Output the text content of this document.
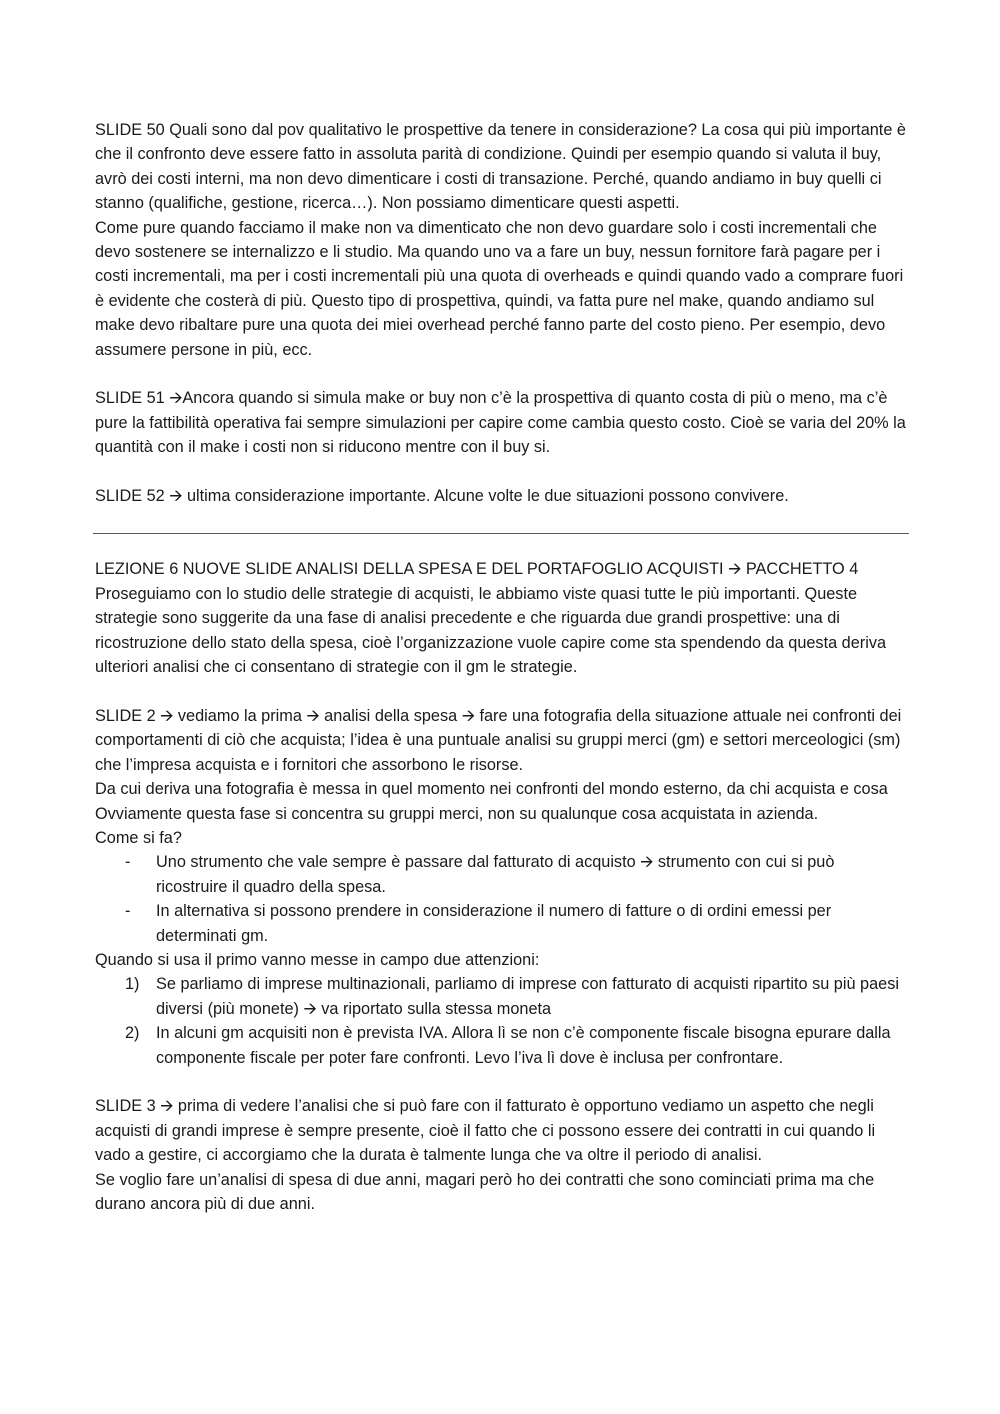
SLIDE 50 Quali sono dal pov qualitativo le prospettive da tenere in considerazione? La cosa qui più importante è che il confronto deve essere fatto in assoluta parità di condizione. Quindi per esempio quando si valuta il buy, avrò dei costi interni, ma non devo dimenticare i costi di transazione. Perché, quando andiamo in buy quelli ci stanno (qualifiche, gestione, ricerca…). Non possiamo dimenticare questi aspetti.

Come pure quando facciamo il make non va dimenticato che non devo guardare solo i costi incrementali che devo sostenere se internalizzo e li studio. Ma quando uno va a fare un buy, nessun fornitore farà pagare per i costi incrementali, ma per i costi incrementali più una quota di overheads e quindi quando vado a comprare fuori è evidente che costerà di più. Questo tipo di prospettiva, quindi, va fatta pure nel make, quando andiamo sul make devo ribaltare pure una quota dei miei overhead perché fanno parte del costo pieno. Per esempio, devo assumere persone in più, ecc.

SLIDE 51 🡪Ancora quando si simula make or buy non c’è la prospettiva di quanto costa di più o meno, ma c’è pure la fattibilità operativa fai sempre simulazioni per capire come cambia questo costo. Cioè se varia del 20% la quantità con il make i costi non si riducono mentre con il buy si.

SLIDE 52 🡪 ultima considerazione importante. Alcune volte le due situazioni possono convivere.

LEZIONE 6 NUOVE SLIDE ANALISI DELLA SPESA E DEL PORTAFOGLIO ACQUISTI 🡪 PACCHETTO 4

Proseguiamo con lo studio delle strategie di acquisti, le abbiamo viste quasi tutte le più importanti. Queste strategie sono suggerite da una fase di analisi precedente e che riguarda due grandi prospettive: una di ricostruzione dello stato della spesa, cioè l’organizzazione vuole capire come sta spendendo da questa deriva ulteriori analisi che ci consentano di strategie con il gm le strategie.

SLIDE 2 🡪 vediamo la prima 🡪 analisi della spesa 🡪 fare una fotografia della situazione attuale nei confronti dei comportamenti di ciò che acquista; l’idea è una puntuale analisi su gruppi merci (gm) e settori merceologici (sm) che l’impresa acquista e i fornitori che assorbono le risorse.

Da cui deriva una fotografia è messa in quel momento nei confronti del mondo esterno, da chi acquista e cosa

Ovviamente questa fase si concentra su gruppi merci, non su qualunque cosa acquistata in azienda.

Come si fa?

- Uno strumento che vale sempre è passare dal fatturato di acquisto 🡪 strumento con cui si può ricostruire il quadro della spesa.
- In alternativa si possono prendere in considerazione il numero di fatture o di ordini emessi per determinati gm.

Quando si usa il primo vanno messe in campo due attenzioni:

1) Se parliamo di imprese multinazionali, parliamo di imprese con fatturato di acquisti ripartito su più paesi diversi (più monete) 🡪 va riportato sulla stessa moneta
2) In alcuni gm acquisiti non è prevista IVA. Allora lì se non c’è componente fiscale bisogna epurare dalla componente fiscale per poter fare confronti. Levo l’iva lì dove è inclusa per confrontare.

SLIDE 3 🡪 prima di vedere l’analisi che si può fare con il fatturato è opportuno vediamo un aspetto che negli acquisti di grandi imprese è sempre presente, cioè il fatto che ci possono essere dei contratti in cui quando li vado a gestire, ci accorgiamo che la durata è talmente lunga che va oltre il periodo di analisi.

Se voglio fare un’analisi di spesa di due anni, magari però ho dei contratti che sono cominciati prima ma che durano ancora più di due anni.
